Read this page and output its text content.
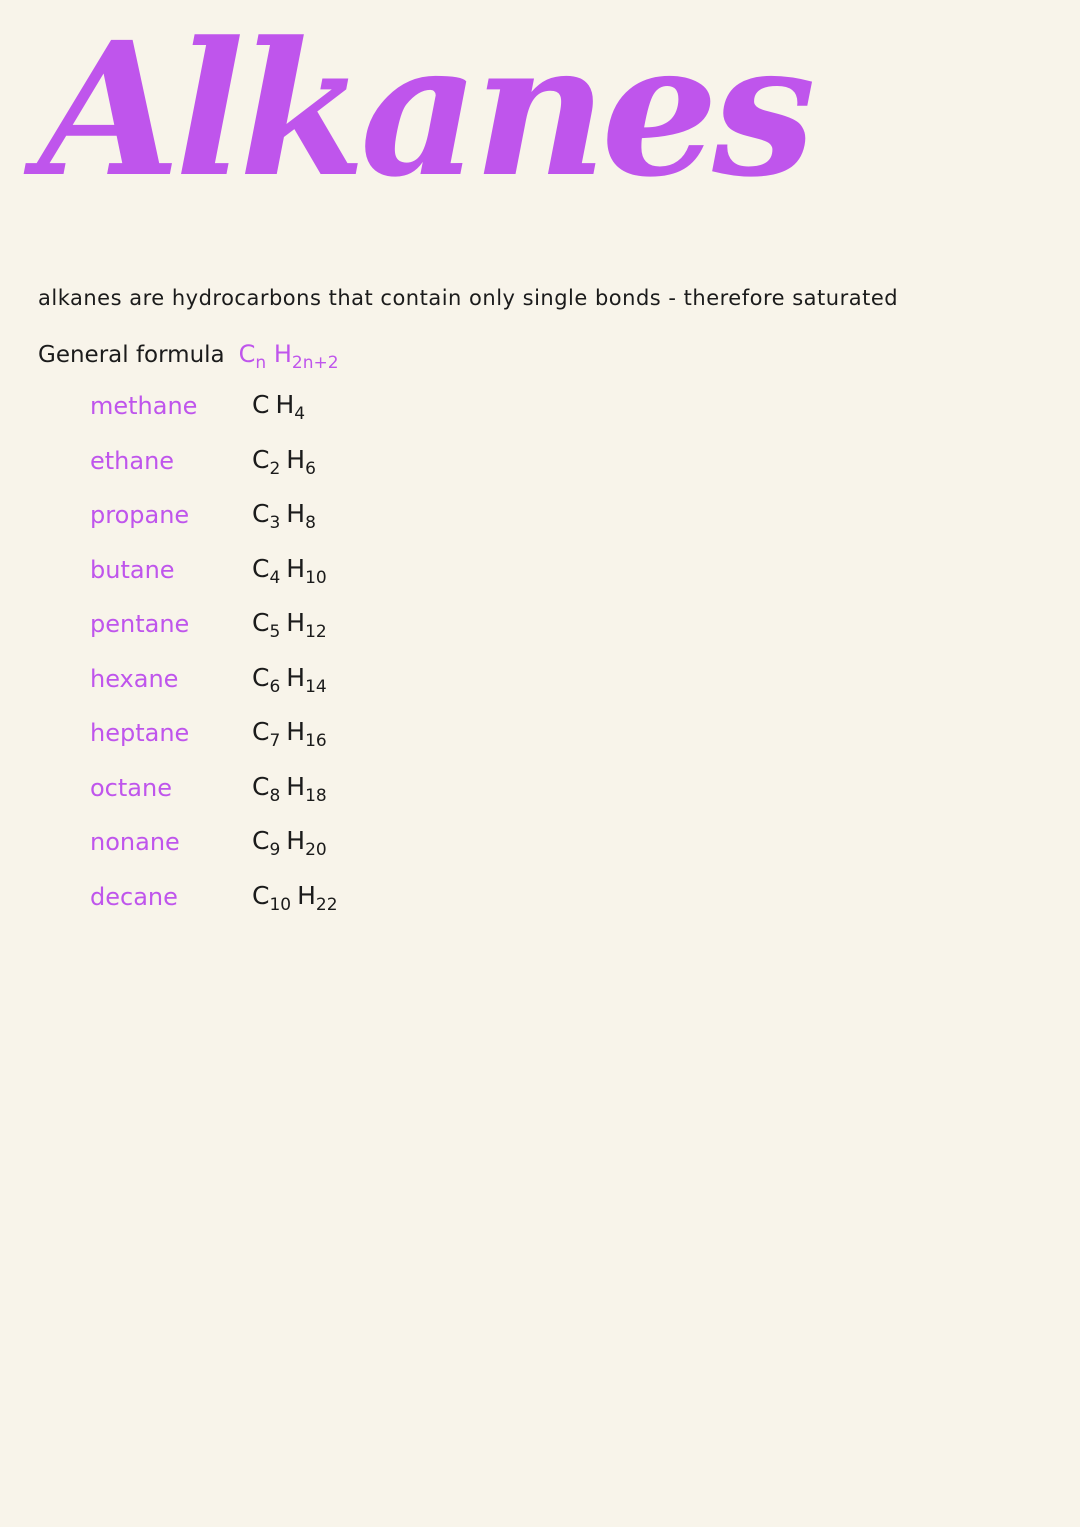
Alkanes
alkanes are hydrocarbons that contain only single bonds - therefore saturated
General formula $C_n$ $H_{2n+2}$
methane C $H_4$
ethane	$C_2$ $H_6$
propane	$C_3$ $H_8$
butane	$C_4$ $H_{10}$
pentane	$C_5$ $H_{12}$
hexane	$C_6$ $H_{14}$
heptane	$C_7$ $H_{16}$
octane	$C_8$ $H_{18}$
nonane	$C_9$ $H_{20}$
decane	$C_{10}$ $H_{22}$
